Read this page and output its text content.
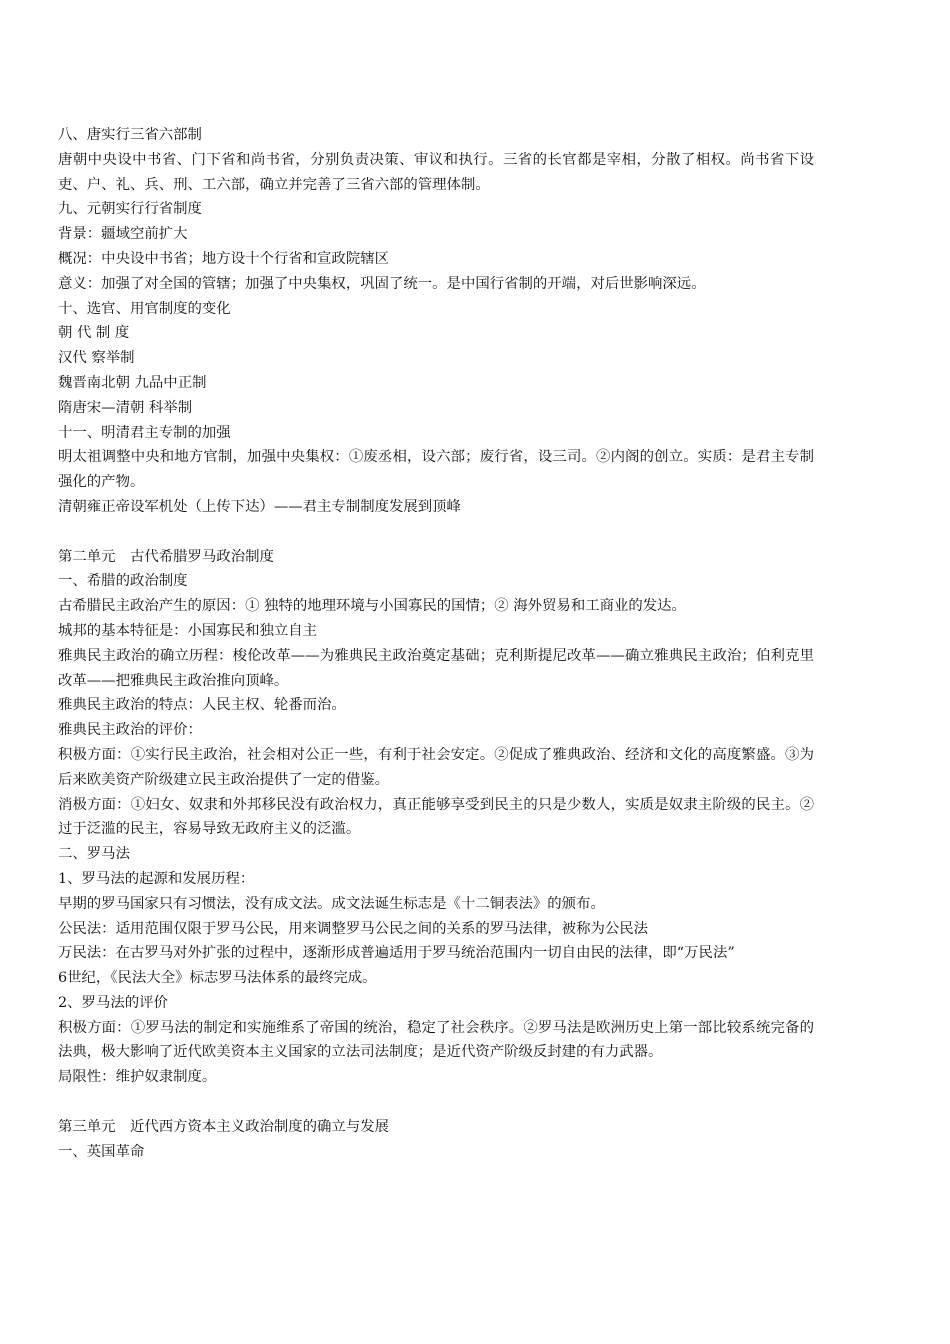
八、唐实行三省六部制
唐朝中央设中书省、门下省和尚书省，分别负责决策、审议和执行。三省的长官都是宰相，分散了相权。尚书省下设吏、户、礼、兵、刑、工六部，确立并完善了三省六部的管理体制。
九、元朝实行行省制度
背景：疆域空前扩大
概况：中央设中书省；地方设十个行省和宣政院辖区
意义：加强了对全国的管辖；加强了中央集权，巩固了统一。是中国行省制的开端，对后世影响深远。
十、选官、用官制度的变化
朝 代 制 度
汉代 察举制
魏晋南北朝 九品中正制
隋唐宋—清朝 科举制
十一、明清君主专制的加强
明太祖调整中央和地方官制，加强中央集权：①废丞相，设六部；废行省，设三司。②内阁的创立。实质：是君主专制强化的产物。
清朝雍正帝设军机处（上传下达）——君主专制制度发展到顶峰
第二单元　古代希腊罗马政治制度
一、希腊的政治制度
古希腊民主政治产生的原因：① 独特的地理环境与小国寡民的国情；② 海外贸易和工商业的发达。
城邦的基本特征是：小国寡民和独立自主
雅典民主政治的确立历程：梭伦改革——为雅典民主政治奠定基础；克利斯提尼改革——确立雅典民主政治；伯利克里改革——把雅典民主政治推向顶峰。
雅典民主政治的特点：人民主权、轮番而治。
雅典民主政治的评价：
积极方面：①实行民主政治，社会相对公正一些，有利于社会安定。②促成了雅典政治、经济和文化的高度繁盛。③为后来欧美资产阶级建立民主政治提供了一定的借鉴。
消极方面：①妇女、奴隶和外邦移民没有政治权力，真正能够享受到民主的只是少数人，实质是奴隶主阶级的民主。②过于泛滥的民主，容易导致无政府主义的泛滥。
二、罗马法
1、罗马法的起源和发展历程：
早期的罗马国家只有习惯法，没有成文法。成文法诞生标志是《十二铜表法》的颁布。
公民法：适用范围仅限于罗马公民，用来调整罗马公民之间的关系的罗马法律，被称为公民法
万民法：在古罗马对外扩张的过程中，逐渐形成普遍适用于罗马统治范围内一切自由民的法律，即“万民法”
6世纪，《民法大全》标志罗马法体系的最终完成。
2、罗马法的评价
积极方面：①罗马法的制定和实施维系了帝国的统治，稳定了社会秩序。②罗马法是欧洲历史上第一部比较系统完备的法典，极大影响了近代欧美资本主义国家的立法司法制度；是近代资产阶级反封建的有力武器。
局限性：维护奴隶制度。
第三单元　近代西方资本主义政治制度的确立与发展
一、英国革命
